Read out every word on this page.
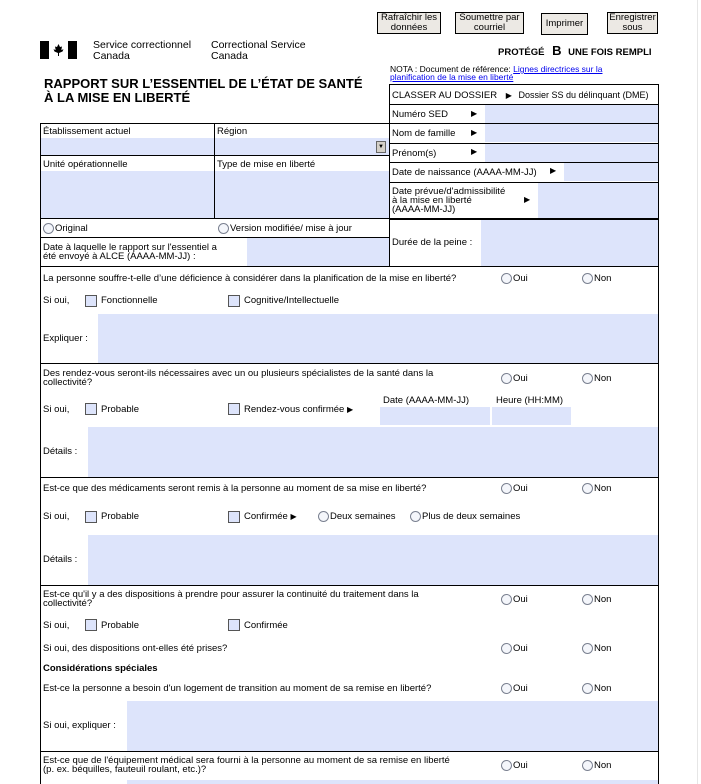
Rafraîchir les données
Soumettre par courriel	Imprimer
Enregistrer sous
Service correctionnel
Canada
Correctional Service
Canada	PROTÉGÉ B UNE FOIS REMPLI
RAPPORT SUR L’ESSENTIEL DE L’ÉTAT DE SANTÉ
À LA MISE EN LIBERTÉ
NOTA : Document de référence: Lignes directrices sur la planification de la mise en liberté
CLASSER AU DOSSIER ▶ Dossier SS du délinquant (DME)
Numéro SED	▶
Nom de famille ▶
Prénom(s)	▶
Date de naissance (AAAA-MM-JJ) ▶
Date prévue/d'admissibilité
à la mise en liberté
(AAAA-MM-JJ)
▶
Durée de la peine :
Établissement actuel	Région
▼
Unité opérationnelle	Type de mise en liberté
Original	Version modifiée/ mise à jour
Date à laquelle le rapport sur l'essentiel a
été envoyé à ALCE (AAAA-MM-JJ) :
La personne souffre-t-elle d’une déficience à considérer dans la planification de la mise en liberté?	Oui	Non
Si oui,	Fonctionnelle	Cognitive/Intellectuelle
Expliquer :
Des rendez-vous seront-ils nécessaires avec un ou plusieurs spécialistes de la santé dans la
collectivité?	Oui	Non
Si oui,	Probable	Rendez-vous confirmée ▶
Date (AAAA-MM-JJ)	Heure (HH:MM)
Détails :
Est-ce que des médicaments seront remis à la personne au moment de sa mise en liberté?	Oui	Non
Si oui,	Probable	Confirmée ▶	Deux semaines	Plus de deux semaines
Détails :
Est-ce qu'il y a des dispositions à prendre pour assurer la continuité du traitement dans la
collectivité?	Oui	Non
Si oui,	Probable	Confirmée
Si oui, des dispositions ont-elles été prises?	Oui	Non
Considérations spéciales
Est-ce la personne a besoin d'un logement de transition au moment de sa remise en liberté?	Oui	Non
Si oui, expliquer :
Est-ce que de l'équipement médical sera fourni à la personne au moment de sa remise en liberté
(p. ex. béquilles, fauteuil roulant, etc.)?	Oui	Non
